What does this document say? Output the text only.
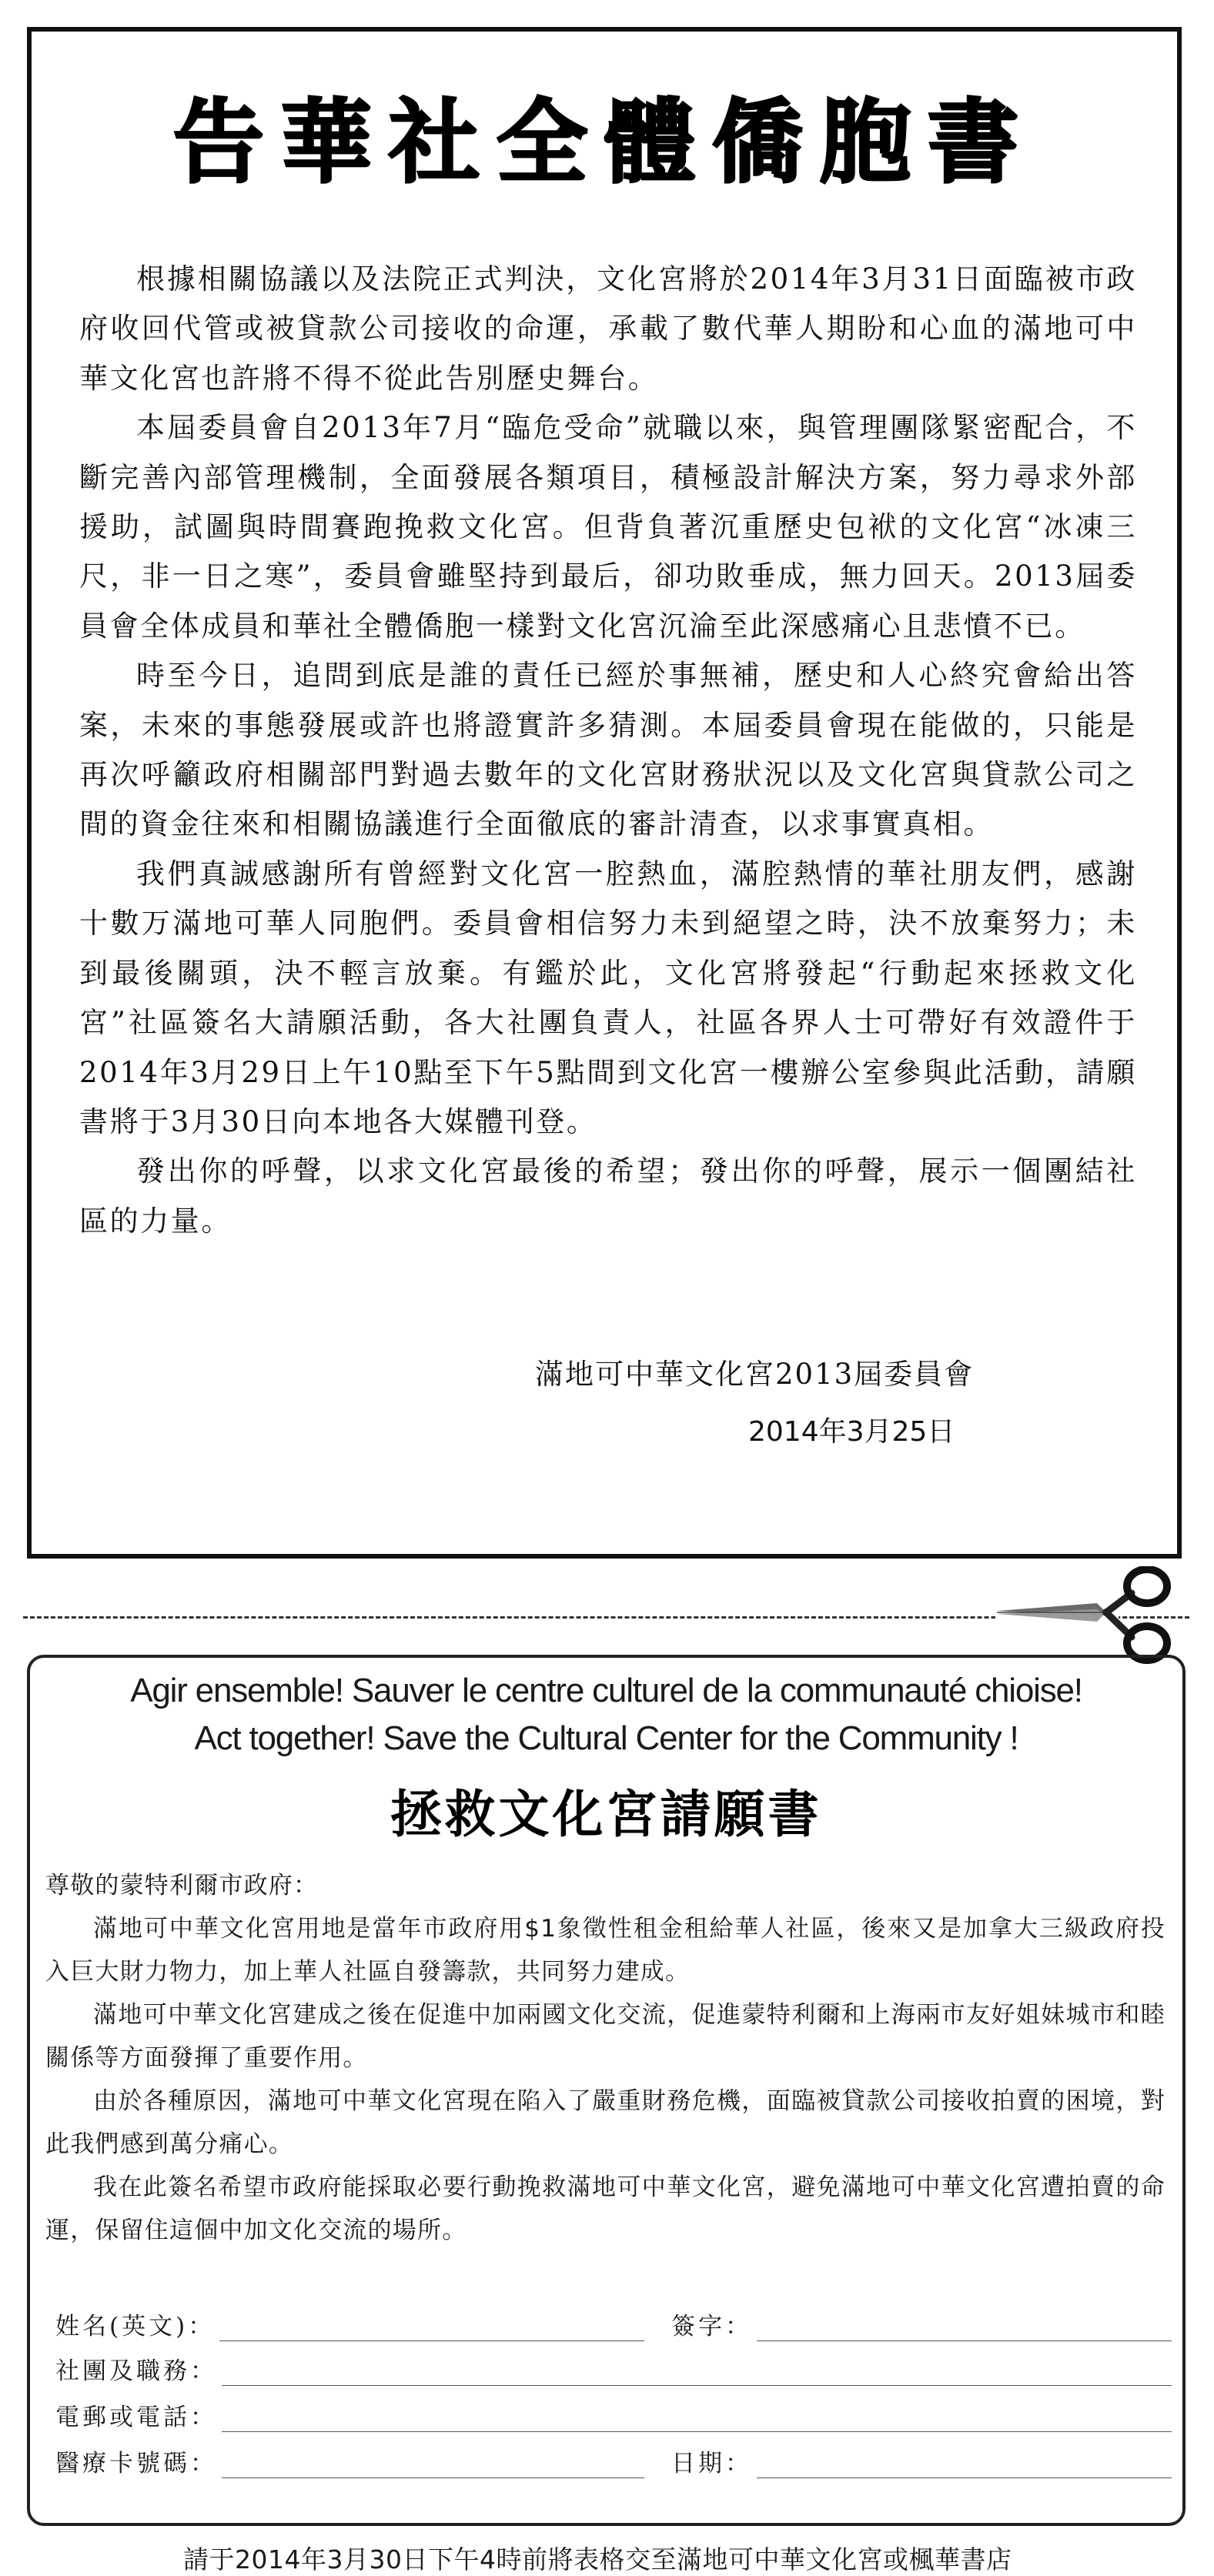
告華社全體僑胞書

根據相關協議以及法院正式判決，文化宮將於2014年3月31日面臨被市政府收回代管或被貸款公司接收的命運，承載了數代華人期盼和心血的滿地可中華文化宮也許將不得不從此告別歷史舞台。

本屆委員會自2013年7月“臨危受命”就職以來，與管理團隊緊密配合，不斷完善內部管理機制，全面發展各類項目，積極設計解決方案，努力尋求外部援助，試圖與時間賽跑挽救文化宮。但背負著沉重歷史包袱的文化宮“冰凍三尺，非一日之寒”，委員會雖堅持到最后，卻功敗垂成，無力回天。2013屆委員會全体成員和華社全體僑胞一樣對文化宮沉淪至此深感痛心且悲憤不已。

時至今日，追問到底是誰的責任已經於事無補，歷史和人心終究會給出答案，未來的事態發展或許也將證實許多猜測。本屆委員會現在能做的，只能是再次呼籲政府相關部門對過去數年的文化宮財務狀況以及文化宮與貸款公司之間的資金往來和相關協議進行全面徹底的審計清查，以求事實真相。

我們真誠感謝所有曾經對文化宮一腔熱血，滿腔熱情的華社朋友們，感謝十數万滿地可華人同胞們。委員會相信努力未到絕望之時，決不放棄努力；未到最後關頭，決不輕言放棄。有鑑於此，文化宮將發起“行動起來拯救文化宮”社區簽名大請願活動，各大社團負責人，社區各界人士可帶好有效證件于2014年3月29日上午10點至下午5點間到文化宮一樓辦公室參與此活動，請願書將于3月30日向本地各大媒體刊登。

發出你的呼聲，以求文化宮最後的希望；發出你的呼聲，展示一個團結社區的力量。

滿地可中華文化宮2013屆委員會
2014年3月25日
Agir ensemble! Sauver le centre culturel de la communauté chioise!
Act together! Save the Cultural Center for the Community !
拯救文化宮請願書

尊敬的蒙特利爾市政府：

滿地可中華文化宮用地是當年市政府用$1象徵性租金租給華人社區，後來又是加拿大三級政府投入巨大財力物力，加上華人社區自發籌款，共同努力建成。

滿地可中華文化宮建成之後在促進中加兩國文化交流，促進蒙特利爾和上海兩市友好姐妹城市和睦關係等方面發揮了重要作用。

由於各種原因，滿地可中華文化宮現在陷入了嚴重財務危機，面臨被貸款公司接收拍賣的困境，對此我們感到萬分痛心。

我在此簽名希望市政府能採取必要行動挽救滿地可中華文化宮，避免滿地可中華文化宮遭拍賣的命運，保留住這個中加文化交流的場所。

姓名(英文)：	簽字：
社團及職務：
電郵或電話：
醫療卡號碼：	日期：
請于2014年3月30日下午4時前將表格交至滿地可中華文化宮或楓華書店
